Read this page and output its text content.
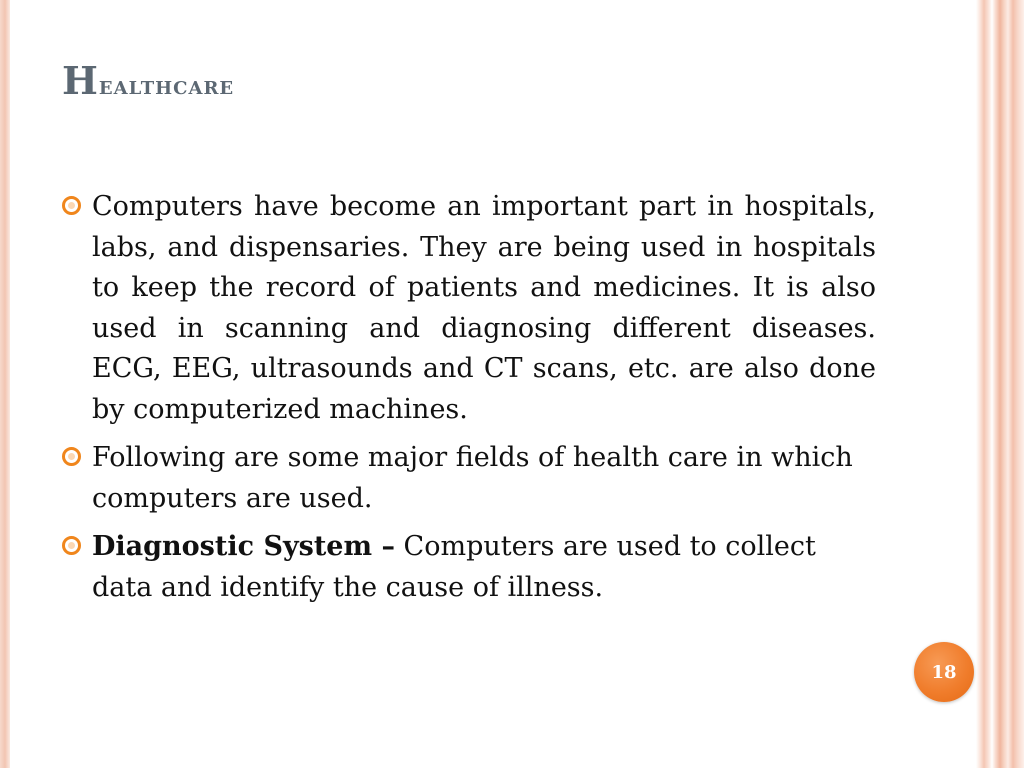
Healthcare
Computers have become an important part in hospitals, labs, and dispensaries. They are being used in hospitals to keep the record of patients and medicines. It is also used in scanning and diagnosing different diseases. ECG, EEG, ultrasounds and CT scans, etc. are also done by computerized machines.
Following are some major fields of health care in which computers are used.
Diagnostic System – Computers are used to collect data and identify the cause of illness.
18
